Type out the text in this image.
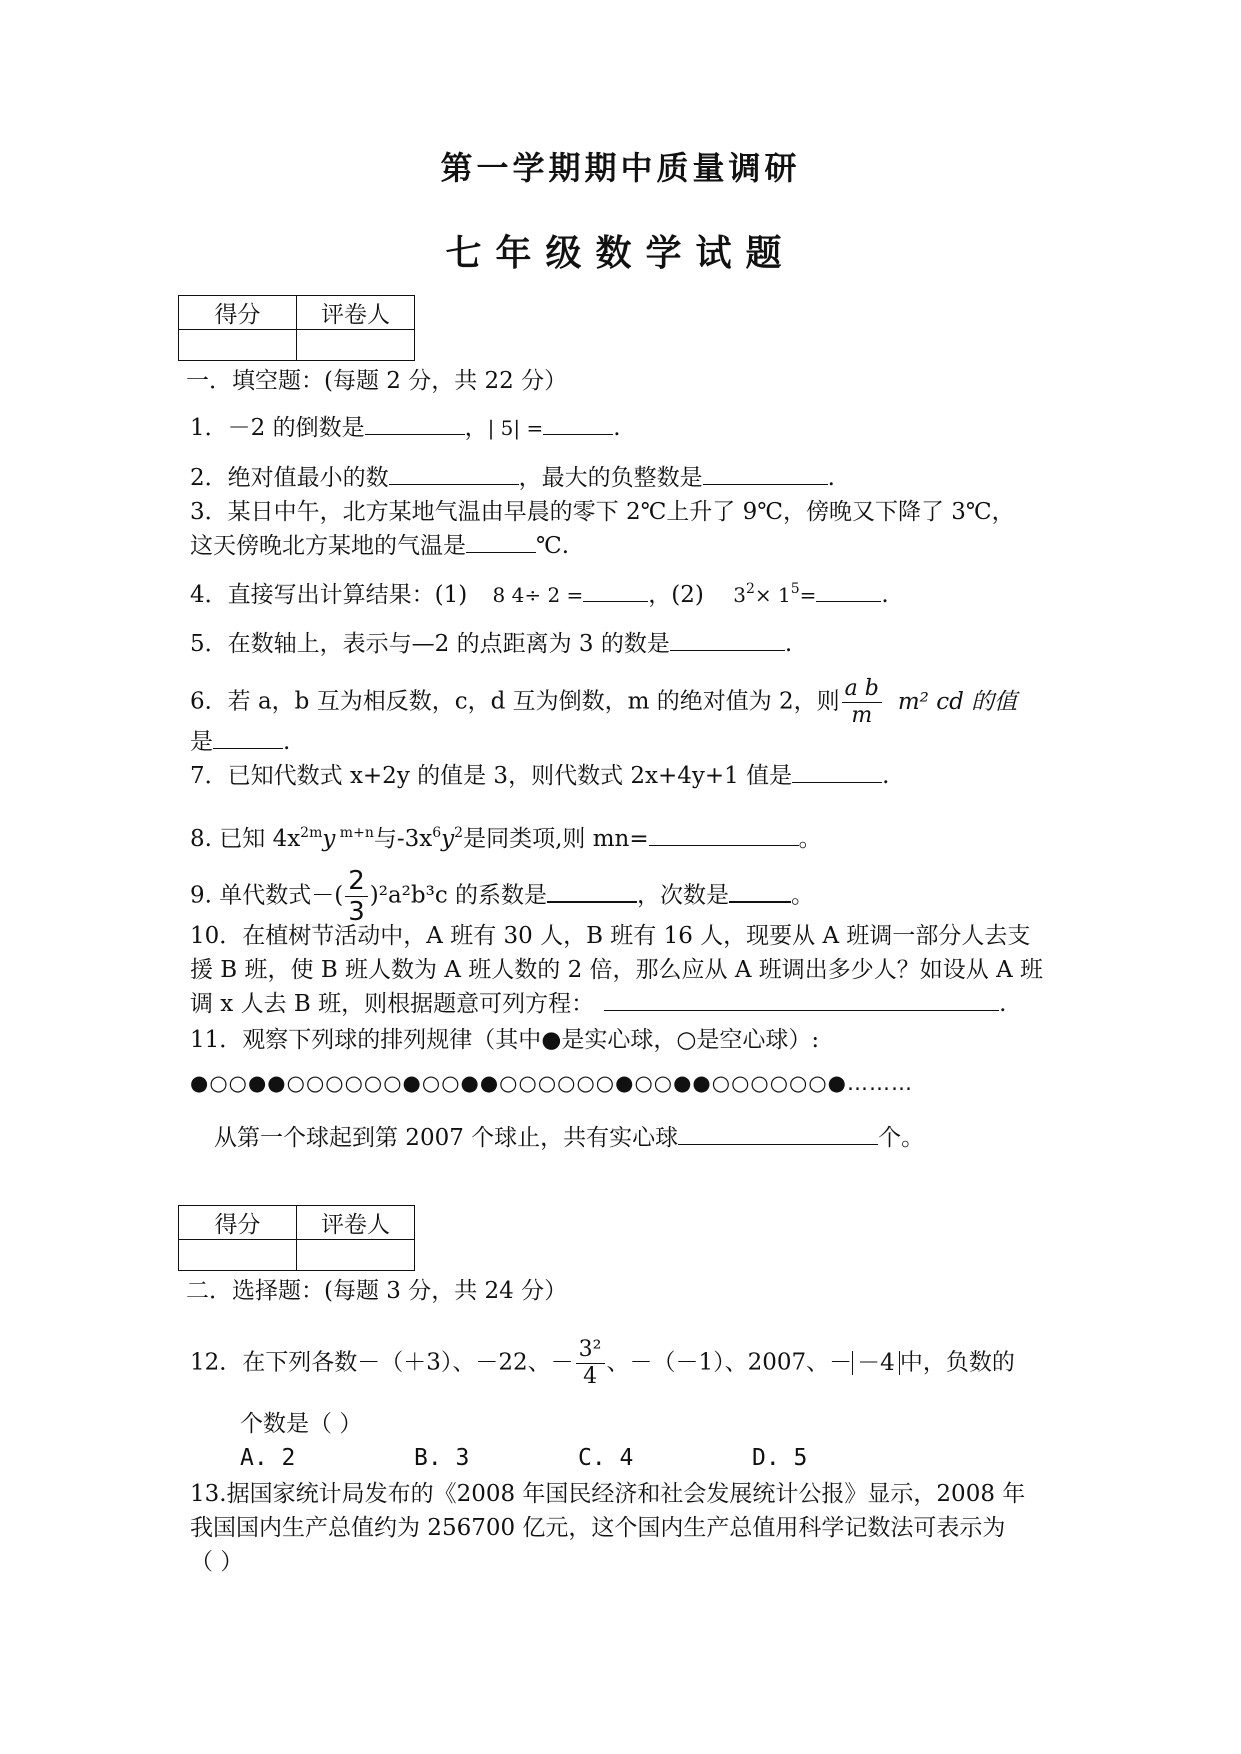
第一学期期中质量调研
七年级数学试题
得分	评卷人

一．填空题：(每题 2 分，共 22 分）
1．－2 的倒数是	，| 5| =	.
2．绝对值最小的数	，最大的负整数是	.
3．某日中午，北方某地气温由早晨的零下 2℃上升了 9℃，傍晚又下降了 3℃，
这天傍晚北方某地的气温是	℃.
4．直接写出计算结果：(1) 8 4÷ 2 =	，(2) $3^2\times 1^5=$	.
5．在数轴上，表示与—2 的点距离为 3 的数是	.
6．若 a，b 互为相反数，c，d 互为倒数，m 的绝对值为 2，则 $\frac{\text{a b}}{m} m^2$ cd 的值
是	.
7．已知代数式 x+2y 的值是 3，则代数式 2x+4y+1 值是	.
8. 已知 $4x^{2m}y$ $^{m+n}$与$-3x^6y^2$是同类项,则 mn=	。
9. 单代数式－( $\frac{2}{3} )^2a^2b^3c$ 的系数是	，次数是	。
10．在植树节活动中，A 班有 30 人，B 班有 16 人，现要从 A 班调一部分人去支
援 B 班，使 B 班人数为 A 班人数的 2 倍，那么应从 A 班调出多少人？如设从 A 班
调 x 人去 B 班，则根据题意可列方程：	.
11．观察下列球的排列规律（其中●是实心球，○是空心球）:
●○○●●○○○○○○●○○●●○○○○○○●○○●●○○○○○○●………
从第一个球起到第 2007 个球止，共有实心球	个。
得分	评卷人

二．选择题：(每题 3 分，共 24 分）
12．在下列各数－（＋3）、－22、－ $\frac{\text{3²}}{4}$ 、－（－1）、2007、－ －4 中，负数的
个数是（ ）
A. 2	B. 3	C. 4	D. 5
13.据国家统计局发布的《2008 年国民经济和社会发展统计公报》显示，2008 年
我国国内生产总值约为 256700 亿元，这个国内生产总值用科学记数法可表示为
（ ）
